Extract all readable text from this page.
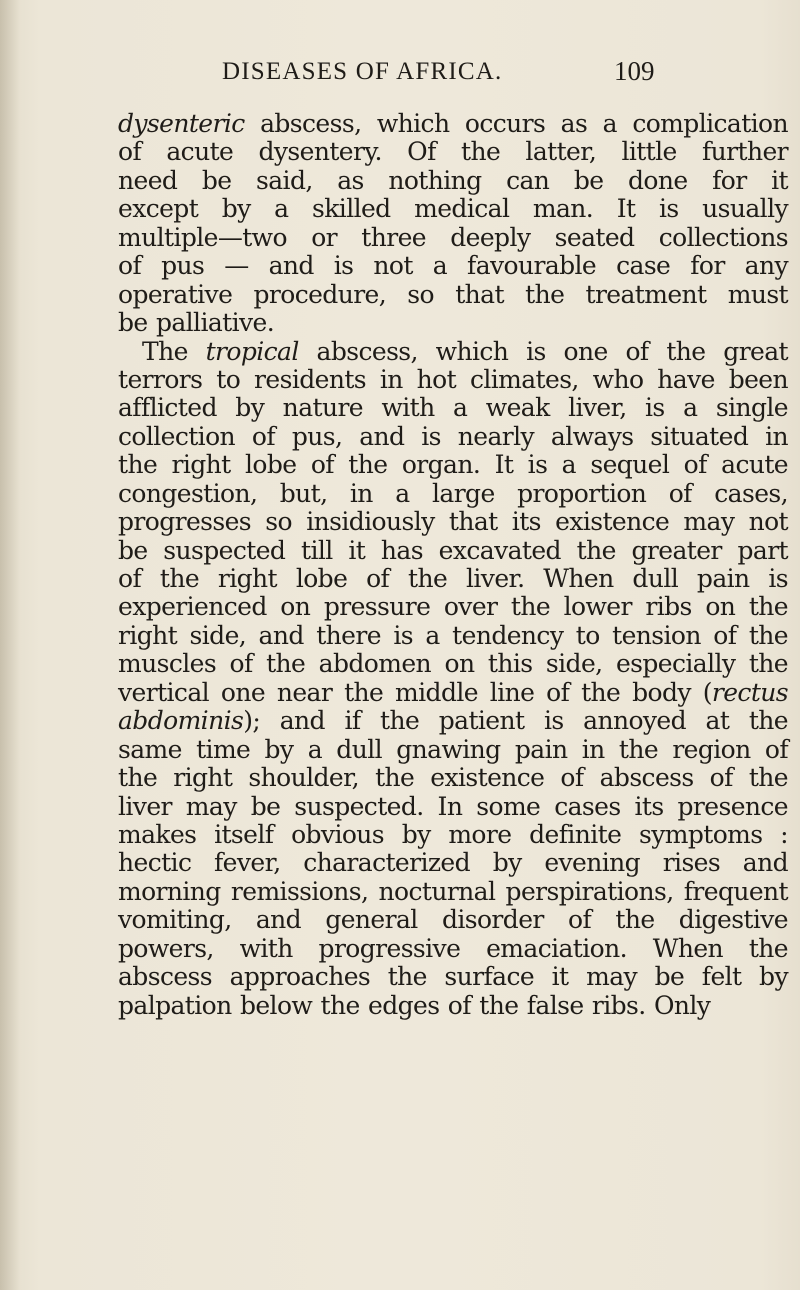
DISEASES OF AFRICA.	109
dysenteric abscess, which occurs as a complication
of acute dysentery. Of the latter, little further
need be said, as nothing can be done for it
except by a skilled medical man. It is usually
multiple—two or three deeply seated collections
of pus — and is not a favourable case for any
operative procedure, so that the treatment must
be palliative.
The tropical abscess, which is one of the great
terrors to residents in hot climates, who have been
afflicted by nature with a weak liver, is a single
collection of pus, and is nearly always situated in
the right lobe of the organ. It is a sequel of acute
congestion, but, in a large proportion of cases,
progresses so insidiously that its existence may not
be suspected till it has excavated the greater part
of the right lobe of the liver. When dull pain is
experienced on pressure over the lower ribs on the
right side, and there is a tendency to tension of the
muscles of the abdomen on this side, especially the
vertical one near the middle line of the body (rectus
abdominis); and if the patient is annoyed at the
same time by a dull gnawing pain in the region of
the right shoulder, the existence of abscess of the
liver may be suspected. In some cases its presence
makes itself obvious by more definite symptoms :
hectic fever, characterized by evening rises and
morning remissions, nocturnal perspirations, frequent
vomiting, and general disorder of the digestive
powers, with progressive emaciation. When the
abscess approaches the surface it may be felt by
palpation below the edges of the false ribs. Only
